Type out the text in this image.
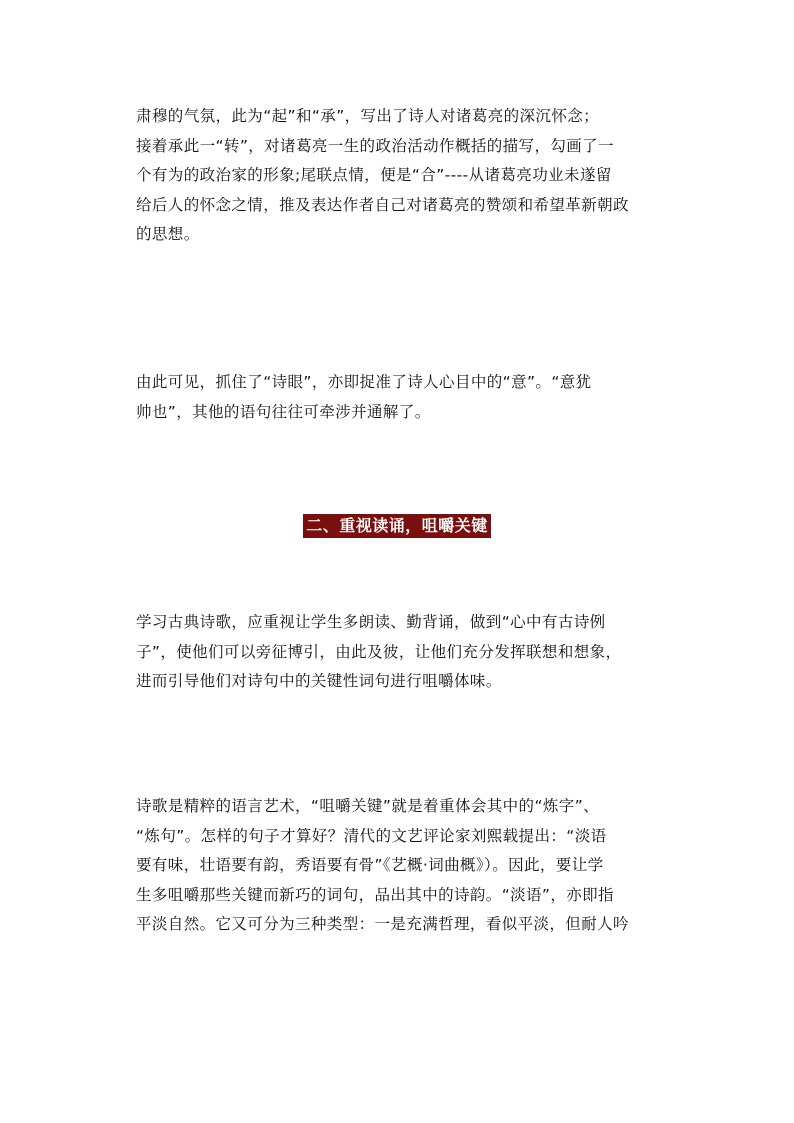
肃穆的气氛，此为“起”和“承”，写出了诗人对诸葛亮的深沉怀念；
接着承此一“转”，对诸葛亮一生的政治活动作概括的描写，勾画了一
个有为的政治家的形象;尾联点情，便是“合”----从诸葛亮功业未遂留
给后人的怀念之情，推及表达作者自己对诸葛亮的赞颂和希望革新朝政
的思想。

由此可见，抓住了“诗眼”，亦即捉准了诗人心目中的“意”。“意犹
帅也”，其他的语句往往可牵涉并通解了。

二、重视读诵，咀嚼关键

学习古典诗歌，应重视让学生多朗读、勤背诵，做到“心中有古诗例
子”，使他们可以旁征博引，由此及彼，让他们充分发挥联想和想象，
进而引导他们对诗句中的关键性词句进行咀嚼体味。

诗歌是精粹的语言艺术，“咀嚼关键”就是着重体会其中的“炼字”、
“炼句”。怎样的句子才算好？清代的文艺评论家刘熙载提出：“淡语
要有味，壮语要有韵，秀语要有骨”《艺概·词曲概》）。因此，要让学
生多咀嚼那些关键而新巧的词句，品出其中的诗韵。“淡语”，亦即指
平淡自然。它又可分为三种类型：一是充满哲理，看似平淡，但耐人吟
